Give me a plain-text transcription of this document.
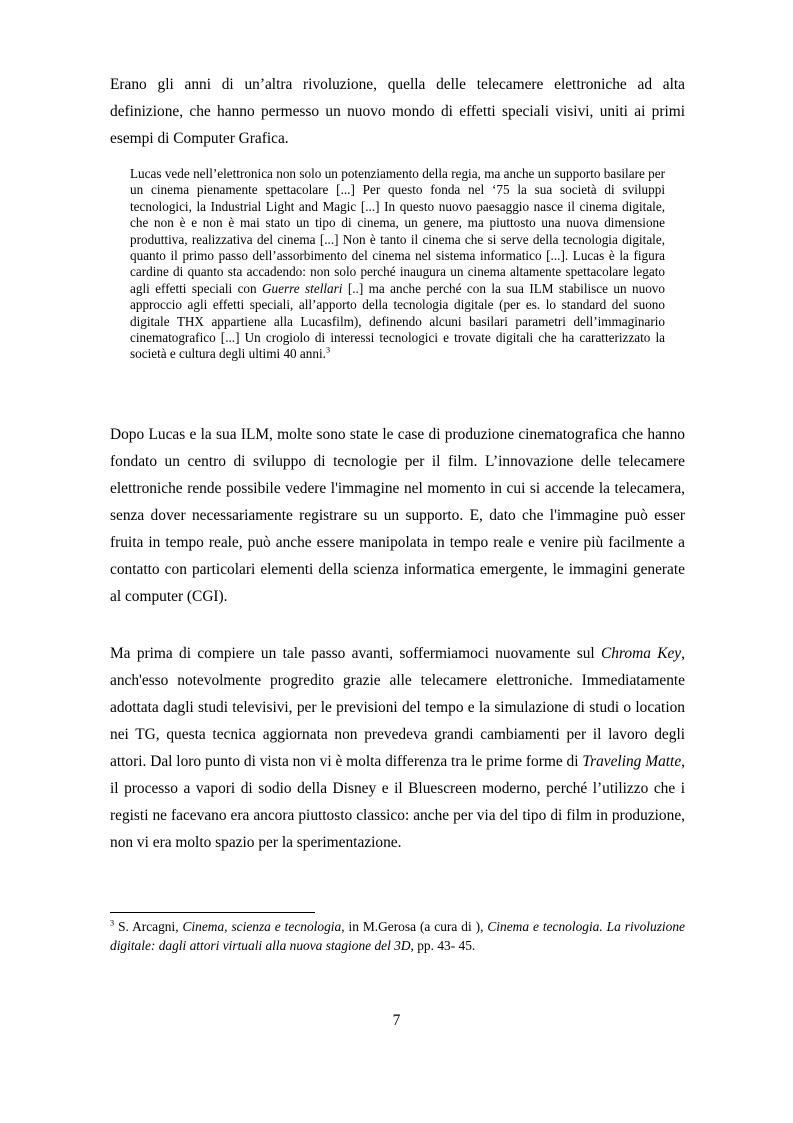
Erano gli anni di un’altra rivoluzione, quella delle telecamere elettroniche ad alta definizione, che hanno permesso un nuovo mondo di effetti speciali visivi, uniti ai primi esempi di Computer Grafica.

Lucas vede nell’elettronica non solo un potenziamento della regia, ma anche un supporto basilare per un cinema pienamente spettacolare [...] Per questo fonda nel ‘75 la sua società di sviluppi tecnologici, la Industrial Light and Magic [...] In questo nuovo paesaggio nasce il cinema digitale, che non è e non è mai stato un tipo di cinema, un genere, ma piuttosto una nuova dimensione produttiva, realizzativa del cinema [...] Non è tanto il cinema che si serve della tecnologia digitale, quanto il primo passo dell’assorbimento del cinema nel sistema informatico [...]. Lucas è la figura cardine di quanto sta accadendo: non solo perché inaugura un cinema altamente spettacolare legato agli effetti speciali con Guerre stellari [..] ma anche perché con la sua ILM stabilisce un nuovo approccio agli effetti speciali, all’apporto della tecnologia digitale (per es. lo standard del suono digitale THX appartiene alla Lucasfilm), definendo alcuni basilari parametri dell’immaginario cinematografico [...] Un crogiolo di interessi tecnologici e trovate digitali che ha caratterizzato la società e cultura degli ultimi 40 anni.$^3$

Dopo Lucas e la sua ILM, molte sono state le case di produzione cinematografica che hanno fondato un centro di sviluppo di tecnologie per il film. L’innovazione delle telecamere elettroniche rende possibile vedere l'immagine nel momento in cui si accende la telecamera, senza dover necessariamente registrare su un supporto. E, dato che l'immagine può esser fruita in tempo reale, può anche essere manipolata in tempo reale e venire più facilmente a contatto con particolari elementi della scienza informatica emergente, le immagini generate al computer (CGI).

Ma prima di compiere un tale passo avanti, soffermiamoci nuovamente sul Chroma Key, anch'esso notevolmente progredito grazie alle telecamere elettroniche. Immediatamente adottata dagli studi televisivi, per le previsioni del tempo e la simulazione di studi o location nei TG, questa tecnica aggiornata non prevedeva grandi cambiamenti per il lavoro degli attori. Dal loro punto di vista non vi è molta differenza tra le prime forme di Traveling Matte, il processo a vapori di sodio della Disney e il Bluescreen moderno, perché l’utilizzo che i registi ne facevano era ancora piuttosto classico: anche per via del tipo di film in produzione, non vi era molto spazio per la sperimentazione.

$^3$ S. Arcagni, Cinema, scienza e tecnologia, in M.Gerosa (a cura di ), Cinema e tecnologia. La rivoluzione digitale: dagli attori virtuali alla nuova stagione del 3D, pp. 43- 45.

7
